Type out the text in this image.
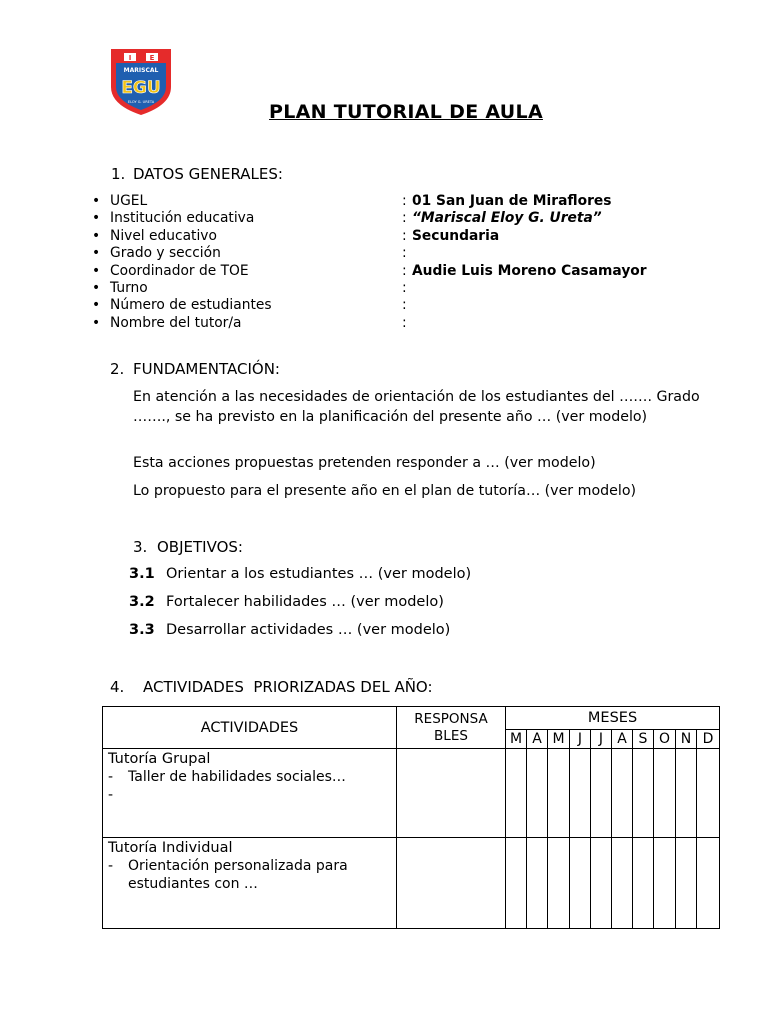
I	E
MARISCAL
EGU
ELOY G. URETA	PLAN TUTORIAL DE AULA
1. DATOS GENERALES:
• UGEL	: 01 San Juan de Miraflores
• Institución educativa	: “Mariscal Eloy G. Ureta”
• Nivel educativo	: Secundaria
• Grado y sección	:
• Coordinador de TOE	: Audie Luis Moreno Casamayor
• Turno	:
• Número de estudiantes	:
• Nombre del tutor/a	:
2. FUNDAMENTACIÓN:
En atención a las necesidades de orientación de los estudiantes del ……. Grado ……., se ha previsto en la planificación del presente año … (ver modelo)
Esta acciones propuestas pretenden responder a … (ver modelo)
Lo propuesto para el presente año en el plan de tutoría… (ver modelo)
3. OBJETIVOS:
3.1 Orientar a los estudiantes … (ver modelo)
3.2 Fortalecer habilidades … (ver modelo)
3.3 Desarrollar actividades … (ver modelo)
4. ACTIVIDADES  PRIORIZADAS DEL AÑO:
ACTIVIDADES	RESPONSA BLES	MESES									
		M	A	M	J	J	A	S	O	N	D

Tutoría Grupal
- Taller de habilidades sociales…
-											

Tutoría Individual
- Orientación personalizada para estudiantes con …											
